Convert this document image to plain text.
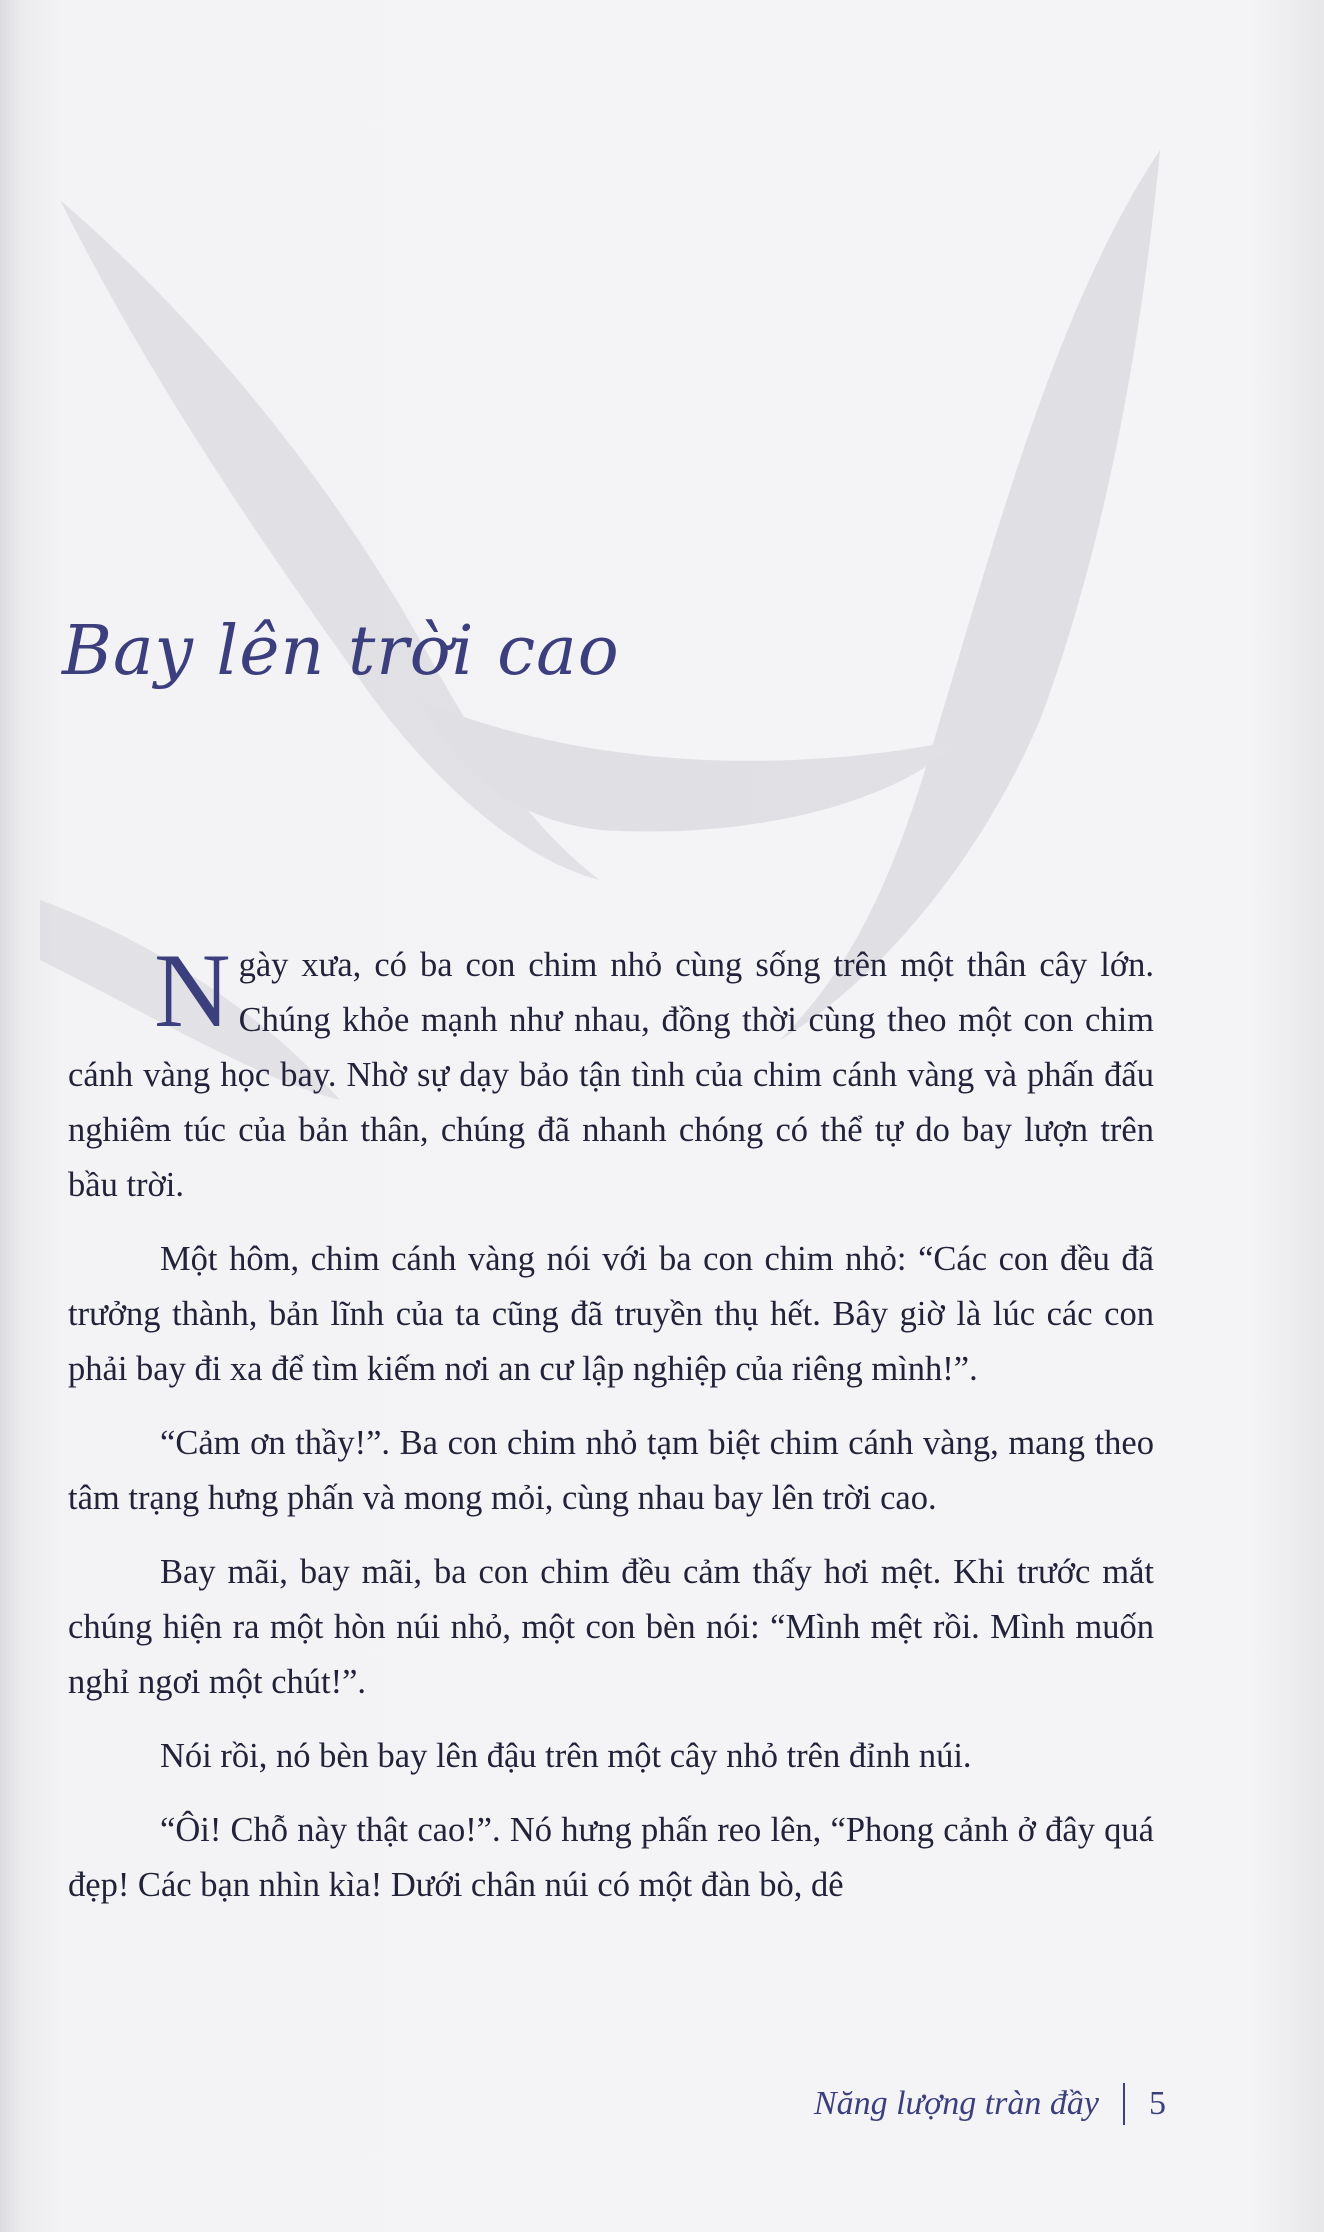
Bay lên trời cao

Ngày xưa, có ba con chim nhỏ cùng sống trên một thân cây lớn. Chúng khỏe mạnh như nhau, đồng thời cùng theo một con chim cánh vàng học bay. Nhờ sự dạy bảo tận tình của chim cánh vàng và phấn đấu nghiêm túc của bản thân, chúng đã nhanh chóng có thể tự do bay lượn trên bầu trời.

Một hôm, chim cánh vàng nói với ba con chim nhỏ: “Các con đều đã trưởng thành, bản lĩnh của ta cũng đã truyền thụ hết. Bây giờ là lúc các con phải bay đi xa để tìm kiếm nơi an cư lập nghiệp của riêng mình!”.

“Cảm ơn thầy!”. Ba con chim nhỏ tạm biệt chim cánh vàng, mang theo tâm trạng hưng phấn và mong mỏi, cùng nhau bay lên trời cao.

Bay mãi, bay mãi, ba con chim đều cảm thấy hơi mệt. Khi trước mắt chúng hiện ra một hòn núi nhỏ, một con bèn nói: “Mình mệt rồi. Mình muốn nghỉ ngơi một chút!”.

Nói rồi, nó bèn bay lên đậu trên một cây nhỏ trên đỉnh núi.

“Ôi! Chỗ này thật cao!”. Nó hưng phấn reo lên, “Phong cảnh ở đây quá đẹp! Các bạn nhìn kìa! Dưới chân núi có một đàn bò, dê

Năng lượng tràn đầy 5
